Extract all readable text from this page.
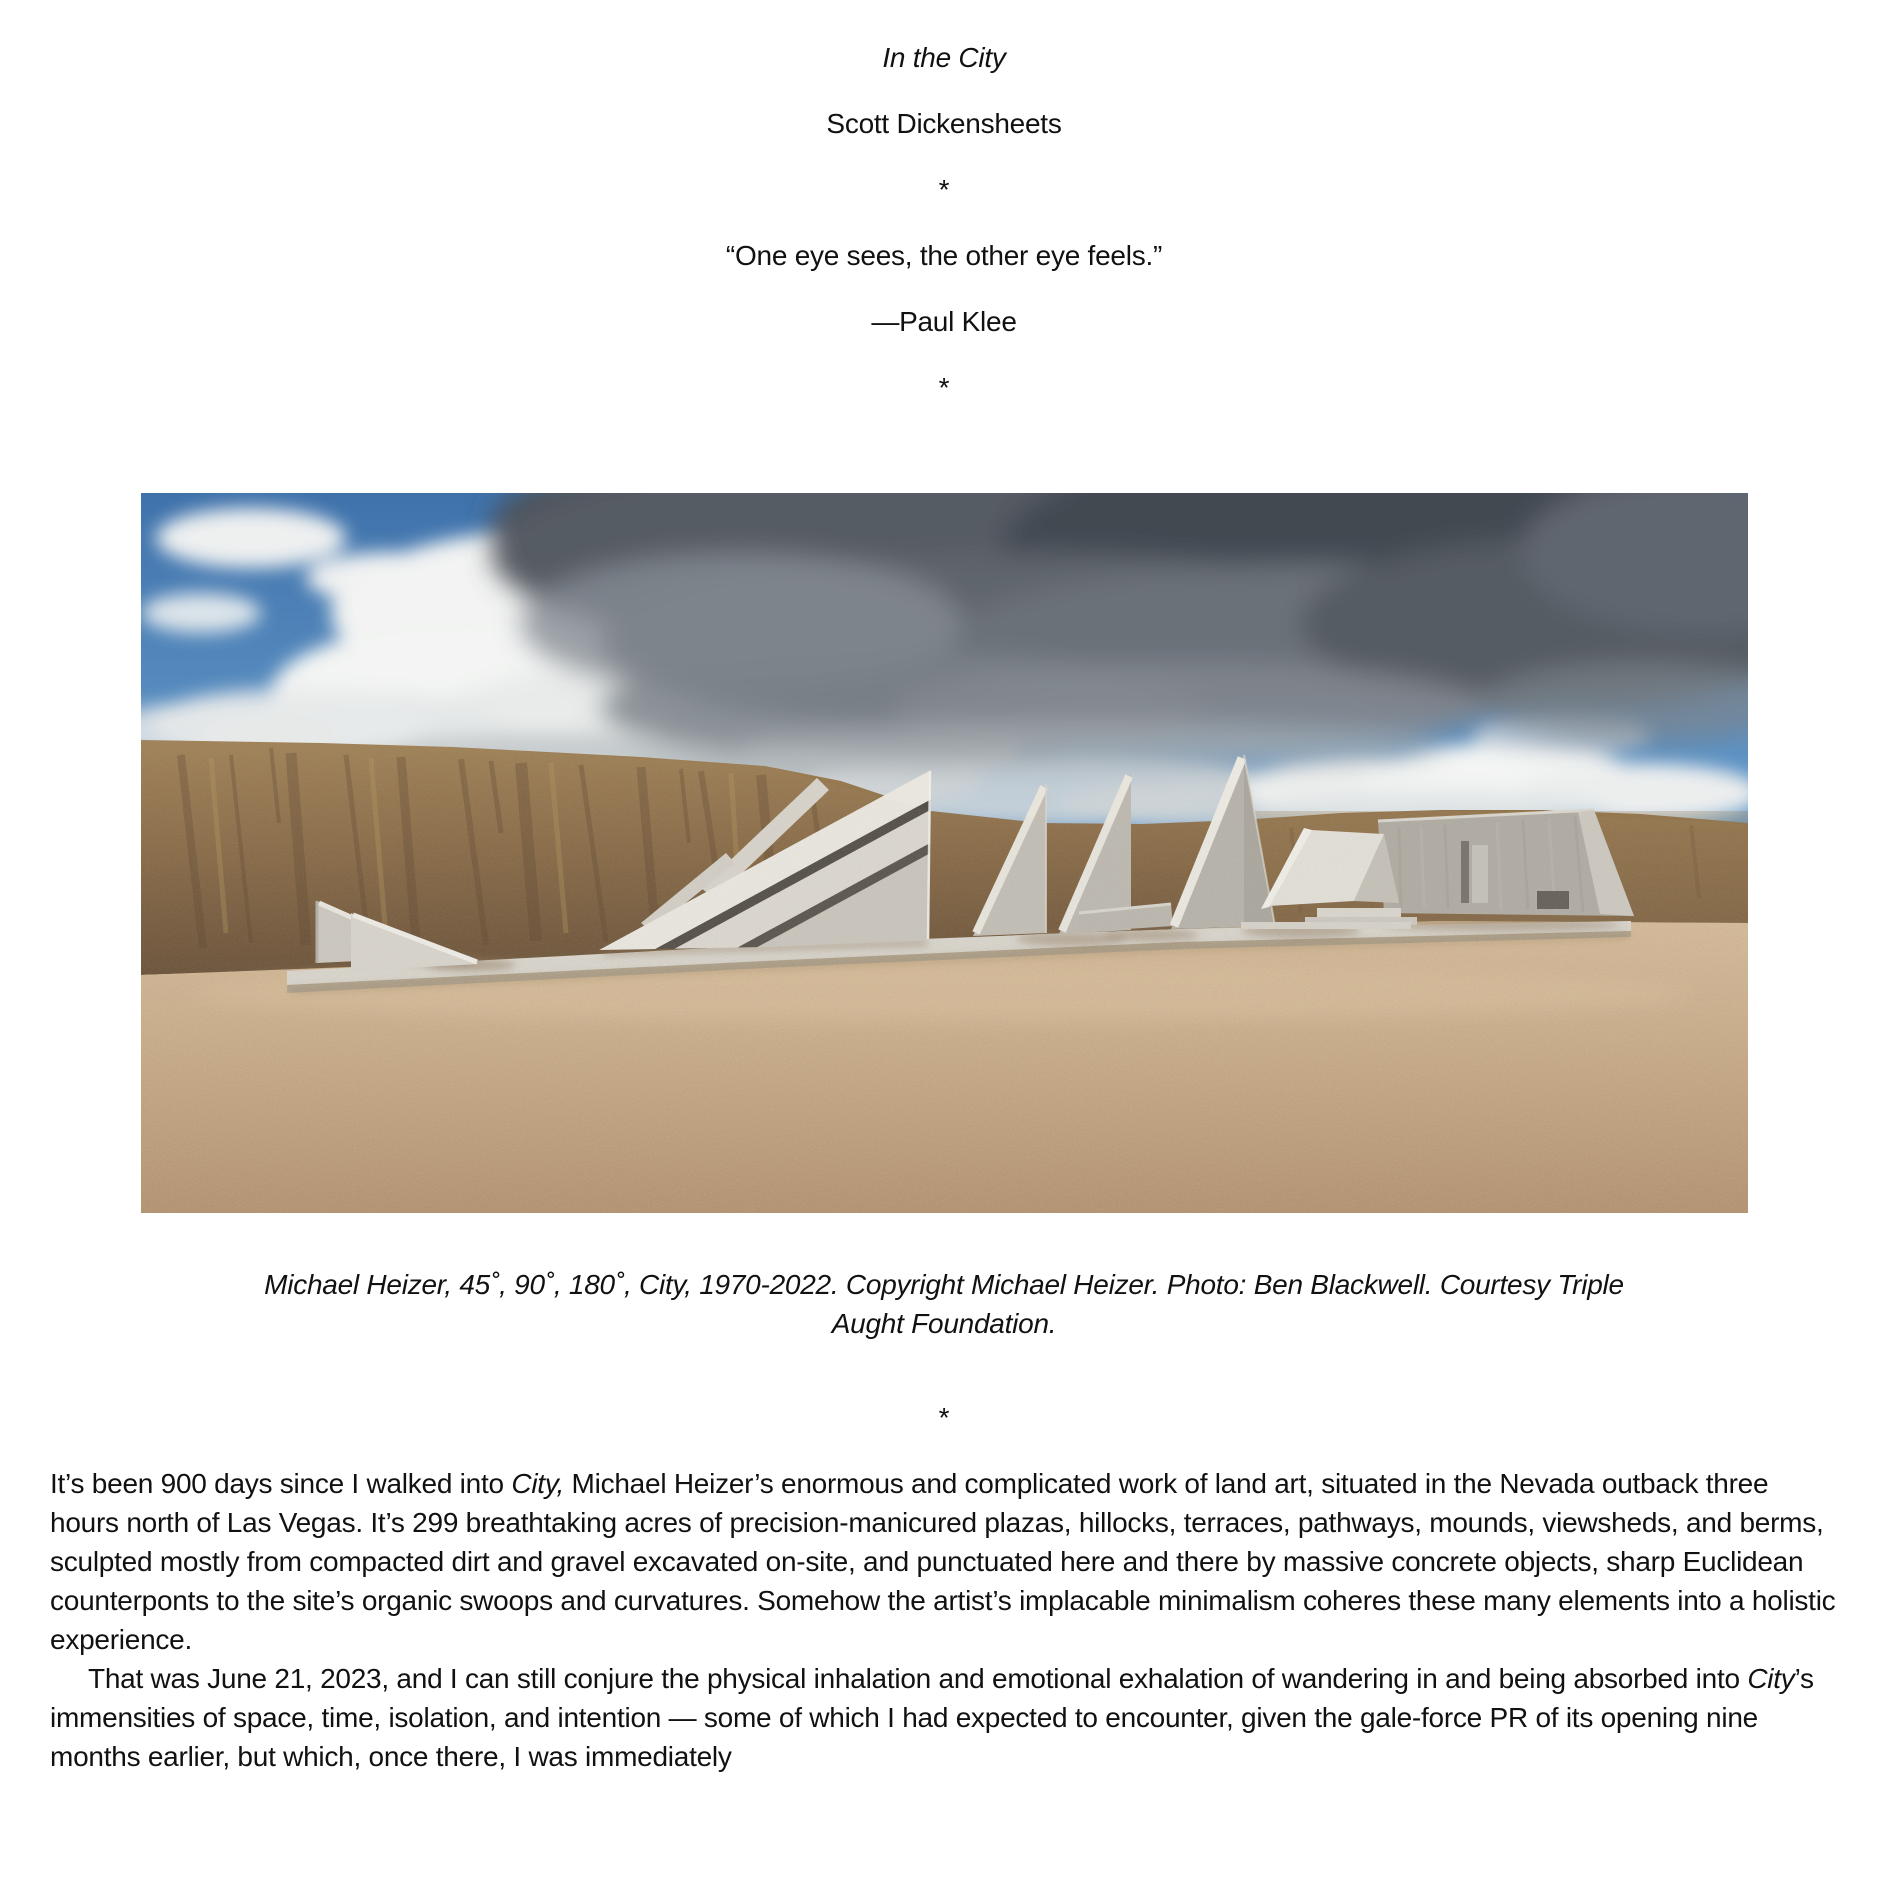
In the City

Scott Dickensheets

*

“One eye sees, the other eye feels.”

—Paul Klee

*

Michael Heizer, 45˚, 90˚, 180˚, City, 1970-2022. Copyright Michael Heizer. Photo: Ben Blackwell. Courtesy Triple
Aught Foundation.

*

It’s been 900 days since I walked into City, Michael Heizer’s enormous and complicated work of land art, situated in the Nevada outback three hours north of Las Vegas. It’s 299 breathtaking acres of precision-manicured plazas, hillocks, terraces, pathways, mounds, viewsheds, and berms, sculpted mostly from compacted dirt and gravel excavated on-site, and punctuated here and there by massive concrete objects, sharp Euclidean counterponts to the site’s organic swoops and curvatures. Somehow the artist’s implacable minimalism coheres these many elements into a holistic experience.

That was June 21, 2023, and I can still conjure the physical inhalation and emotional exhalation of wandering in and being absorbed into City’s immensities of space, time, isolation, and intention — some of which I had expected to encounter, given the gale-force PR of its opening nine months earlier, but which, once there, I was immediately
